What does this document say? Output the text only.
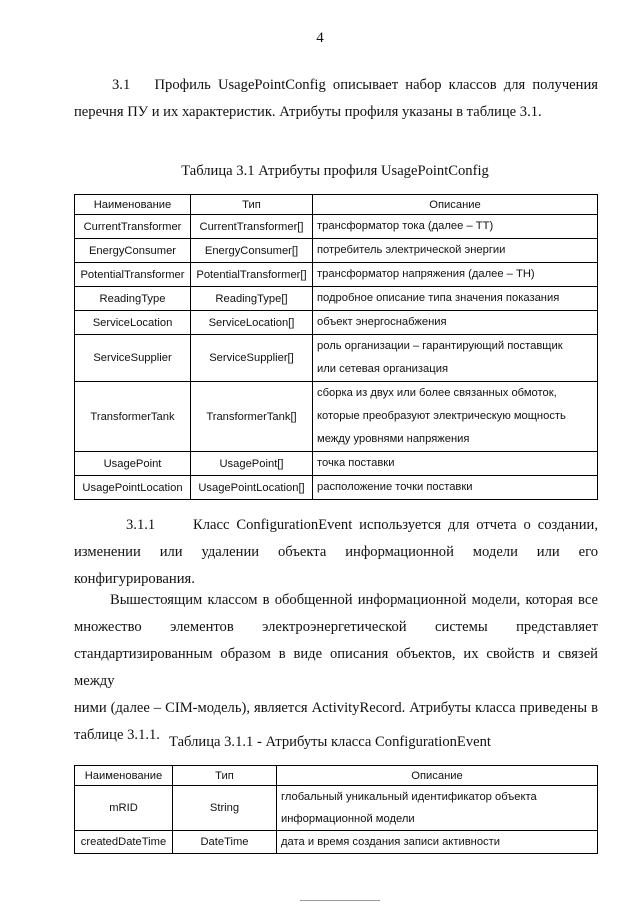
4
3.1 Профиль UsagePointConfig описывает набор классов для получения
перечня ПУ и их характеристик. Атрибуты профиля указаны в таблице 3.1.
Таблица 3.1 Атрибуты профиля UsagePointConfig
Наименование	Тип	Описание
CurrentTransformer	CurrentTransformer[]	трансформатор тока (далее – ТТ)

EnergyConsumer	EnergyConsumer[]	потребитель электрической энергии

PotentialTransformer	PotentialTransformer[]	трансформатор напряжения (далее – ТН)

ReadingType	ReadingType[]	подробное описание типа значения показания

ServiceLocation	ServiceLocation[]	объект энергоснабжения

ServiceSupplier	ServiceSupplier[]	роль организации – гарантирующий поставщик
или сетевая организация

TransformerTank	TransformerTank[]	сборка из двух или более связанных обмоток,
которые преобразуют электрическую мощность
между уровнями напряжения

UsagePoint	UsagePoint[]	точка поставки

UsagePointLocation	UsagePointLocation[]	расположение точки поставки
3.1.1	Класс ConfigurationEvent используется для отчета о создании,
изменении или удалении объекта информационной модели или его
конфигурирования.
Вышестоящим классом в обобщенной информационной модели, которая все
множество элементов электроэнергетической системы представляет
стандартизированным образом в виде описания объектов, их свойств и связей между
ними (далее – CIM-модель), является ActivityRecord. Атрибуты класса приведены в
таблице 3.1.1. Таблица 3.1.1 - Атрибуты класса ConfigurationEvent
Наименование	Тип	Описание
mRID	String	глобальный уникальный идентификатор объекта
информационной модели

createdDateTime	DateTime	дата и время создания записи активности
